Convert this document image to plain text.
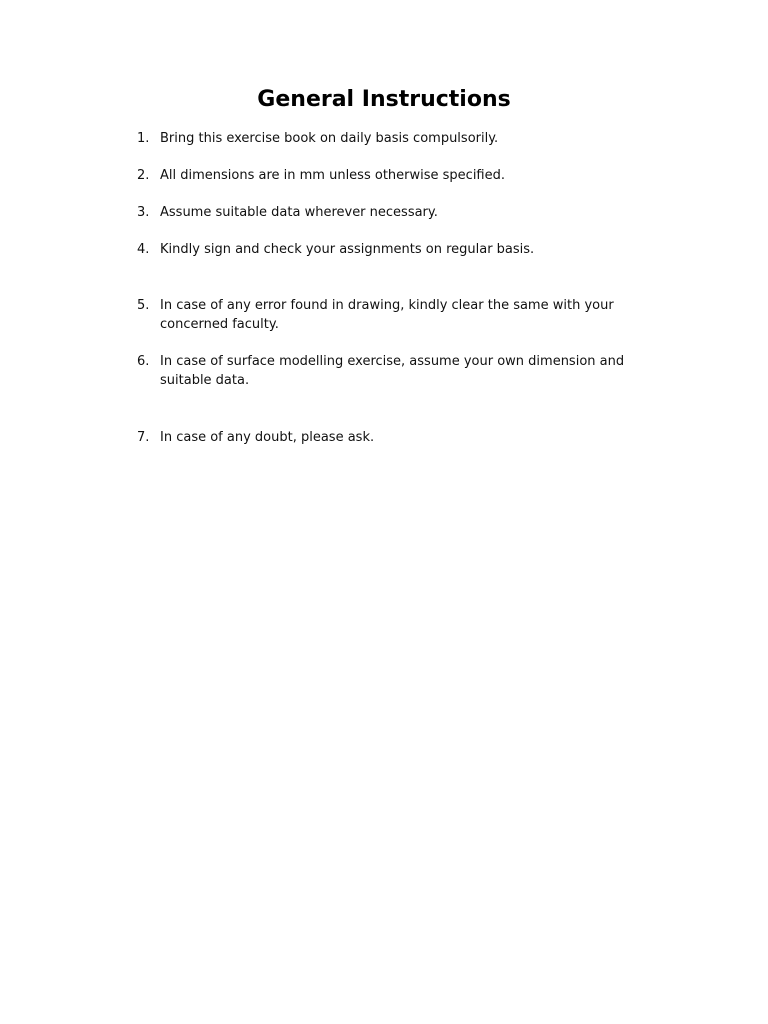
General Instructions
1. Bring this exercise book on daily basis compulsorily.
2. All dimensions are in mm unless otherwise specified.
3. Assume suitable data wherever necessary.
4. Kindly sign and check your assignments on regular basis.
5. In case of any error found in drawing, kindly clear the same with your concerned faculty.
6. In case of surface modelling exercise, assume your own dimension and suitable data.
7. In case of any doubt, please ask.
